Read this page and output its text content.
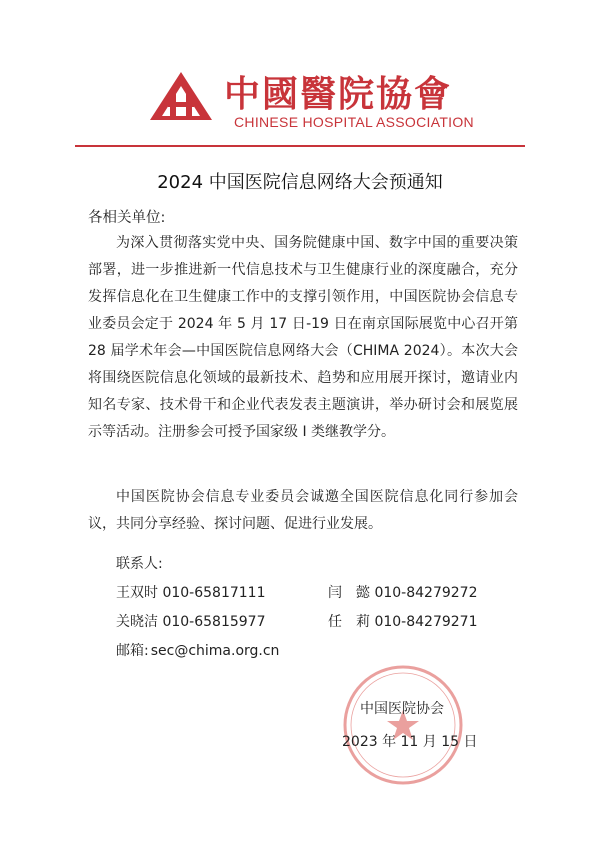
中國醫院協會
CHINESE HOSPITAL ASSOCIATION
2024 中国医院信息网络大会预通知
各相关单位:

为深入贯彻落实党中央、国务院健康中国、数字中国的重要决策部署，进一步推进新一代信息技术与卫生健康行业的深度融合，充分发挥信息化在卫生健康工作中的支撑引领作用，中国医院协会信息专业委员会定于 2024 年 5 月 17 日-19 日在南京国际展览中心召开第 28 届学术年会—中国医院信息网络大会（CHIMA 2024）。本次大会将围绕医院信息化领域的最新技术、趋势和应用展开探讨，邀请业内知名专家、技术骨干和企业代表发表主题演讲，举办研讨会和展览展示等活动。注册参会可授予国家级 I 类继教学分。

中国医院协会信息专业委员会诚邀全国医院信息化同行参加会议，共同分享经验、探讨问题、促进行业发展。

联系人:
王双时 010-65817111	闫　懿 010-84279272
关晓洁 010-65815977	任　莉 010-84279271
邮箱: sec@chima.org.cn
中国医院协会
2023 年 11 月 15 日
